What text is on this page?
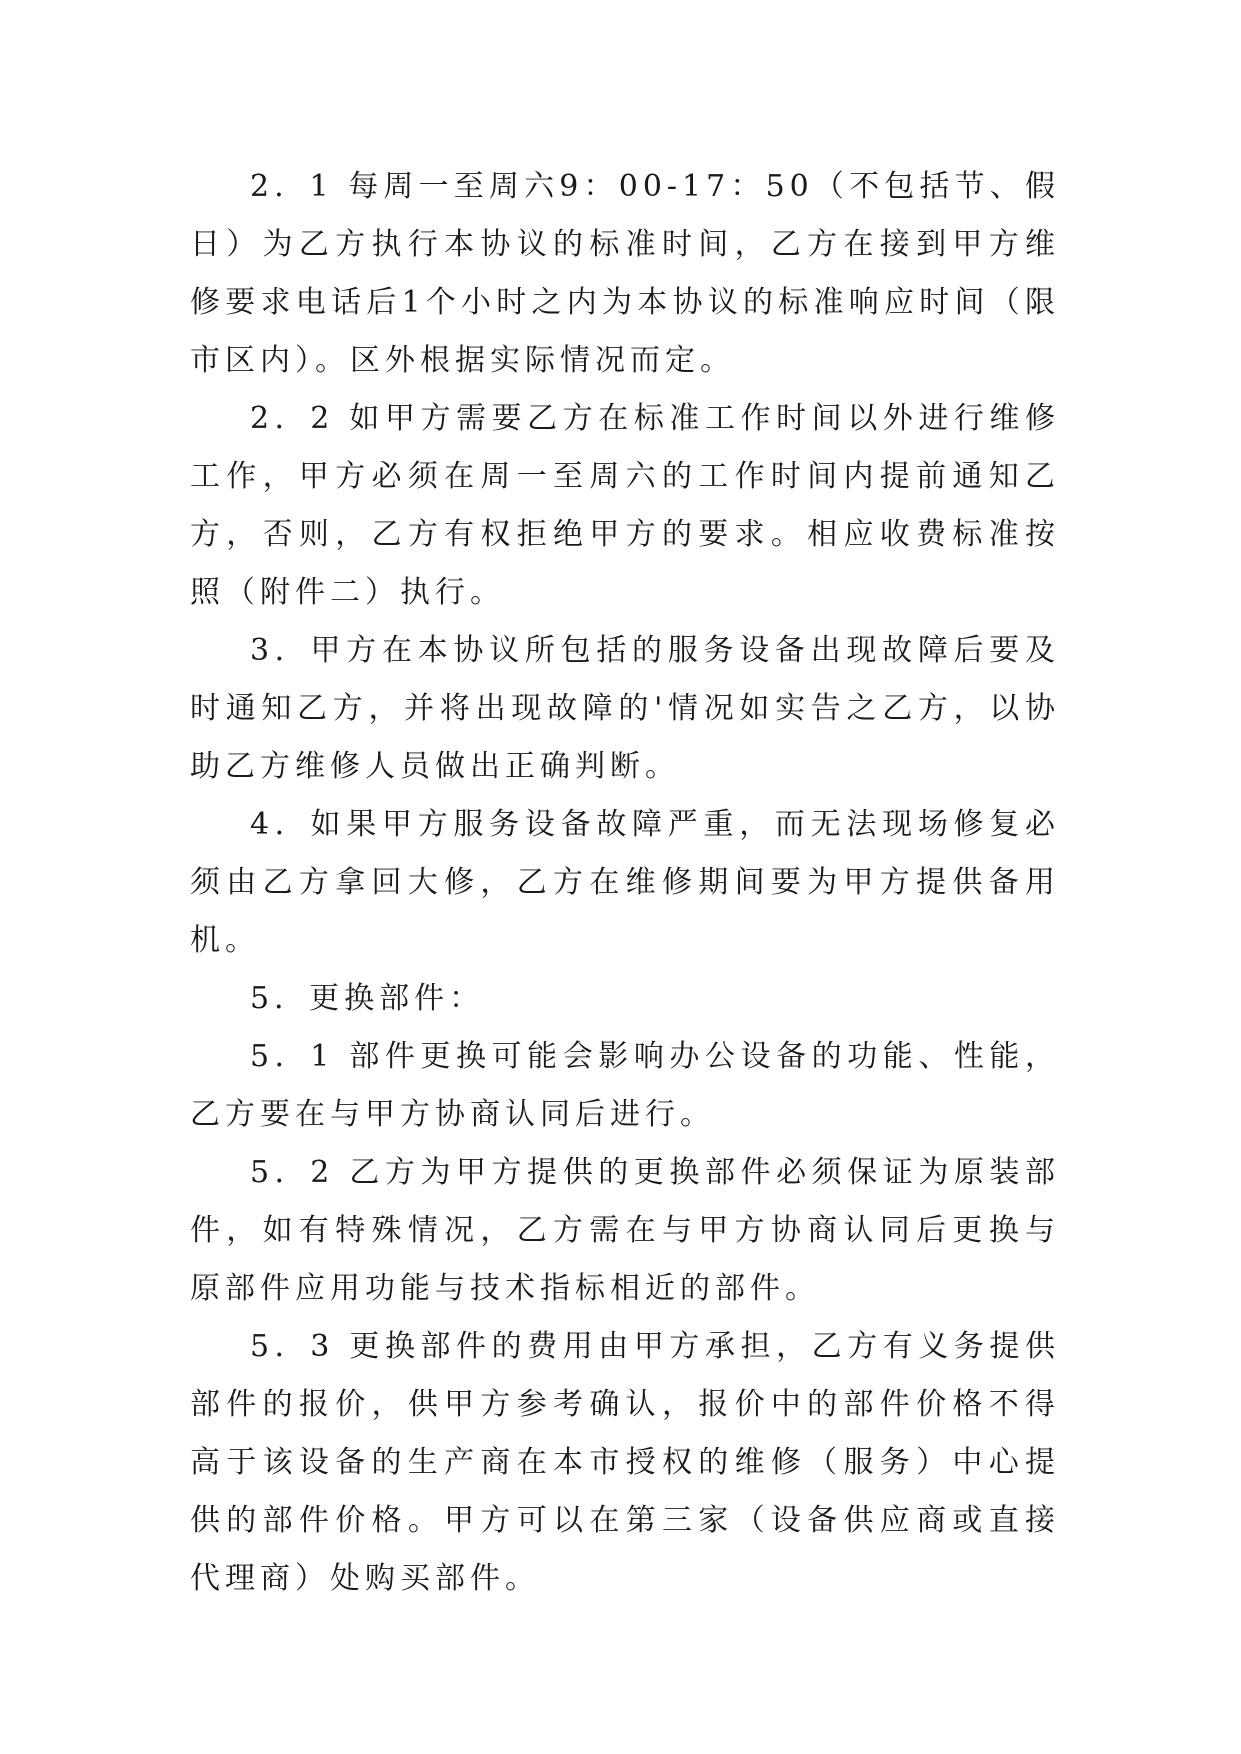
2．1 每周一至周六9：00-17：50（不包括节、假日）为乙方执行本协议的标准时间，乙方在接到甲方维修要求电话后1个小时之内为本协议的标准响应时间（限市区内）。区外根据实际情况而定。

2．2 如甲方需要乙方在标准工作时间以外进行维修工作，甲方必须在周一至周六的工作时间内提前通知乙方，否则，乙方有权拒绝甲方的要求。相应收费标准按照（附件二）执行。

3．甲方在本协议所包括的服务设备出现故障后要及时通知乙方，并将出现故障的'情况如实告之乙方，以协助乙方维修人员做出正确判断。

4．如果甲方服务设备故障严重，而无法现场修复必须由乙方拿回大修，乙方在维修期间要为甲方提供备用机。

5．更换部件：

5．1 部件更换可能会影响办公设备的功能、性能，乙方要在与甲方协商认同后进行。

5．2 乙方为甲方提供的更换部件必须保证为原装部件，如有特殊情况，乙方需在与甲方协商认同后更换与原部件应用功能与技术指标相近的部件。

5．3 更换部件的费用由甲方承担，乙方有义务提供部件的报价，供甲方参考确认，报价中的部件价格不得高于该设备的生产商在本市授权的维修（服务）中心提供的部件价格。甲方可以在第三家（设备供应商或直接代理商）处购买部件。
